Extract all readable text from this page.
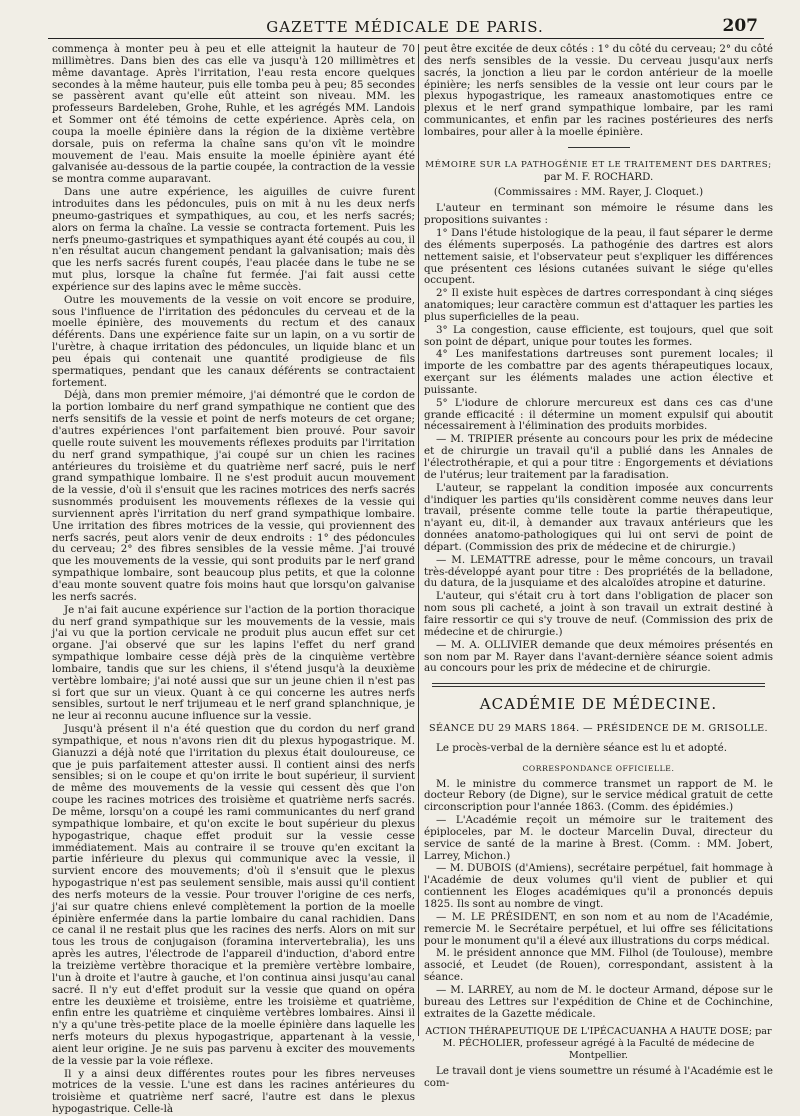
GAZETTE MÉDICALE DE PARIS.	207

commença à monter peu à peu et elle atteignit la hauteur de 70 millimètres. Dans bien des cas elle va jusqu'à 120 millimètres et même davantage. Après l'irritation, l'eau resta encore quelques secondes à la même hauteur, puis elle tomba peu à peu; 85 secondes se passèrent avant qu'elle eût atteint son niveau. MM. les professeurs Bardeleben, Grohe, Ruhle, et les agrégés MM. Landois et Sommer ont été témoins de cette expérience. Après cela, on coupa la moelle épinière dans la région de la dixième vertèbre dorsale, puis on referma la chaîne sans qu'on vît le moindre mouvement de l'eau. Mais ensuite la moelle épinière ayant été galvanisée au-dessous de la partie coupée, la contraction de la vessie se montra comme auparavant.

Dans une autre expérience, les aiguilles de cuivre furent introduites dans les pédoncules, puis on mit à nu les deux nerfs pneumo-gastriques et sympathiques, au cou, et les nerfs sacrés; alors on ferma la chaîne. La vessie se contracta fortement. Puis les nerfs pneumo-gastriques et sympathiques ayant été coupés au cou, il n'en résultat aucun changement pendant la galvanisation; mais dès que les nerfs sacrés furent coupés, l'eau placée dans le tube ne se mut plus, lorsque la chaîne fut fermée. J'ai fait aussi cette expérience sur des lapins avec le même succès.

Outre les mouvements de la vessie on voit encore se produire, sous l'influence de l'irritation des pédoncules du cerveau et de la moelle épinière, des mouvements du rectum et des canaux déférents. Dans une expérience faite sur un lapin, on a vu sortir de l'urètre, à chaque irritation des pédoncules, un liquide blanc et un peu épais qui contenait une quantité prodigieuse de fils spermatiques, pendant que les canaux déférents se contractaient fortement.

Déjà, dans mon premier mémoire, j'ai démontré que le cordon de la portion lombaire du nerf grand sympathique ne contient que des nerfs sensitifs de la vessie et point de nerfs moteurs de cet organe; d'autres expériences l'ont parfaitement bien prouvé. Pour savoir quelle route suivent les mouvements réflexes produits par l'irritation du nerf grand sympathique, j'ai coupé sur un chien les racines antérieures du troisième et du quatrième nerf sacré, puis le nerf grand sympathique lombaire. Il ne s'est produit aucun mouvement de la vessie, d'où il s'ensuit que les racines motrices des nerfs sacrés susnommés produisent les mouvements réflexes de la vessie qui surviennent après l'irritation du nerf grand sympathique lombaire. Une irritation des fibres motrices de la vessie, qui proviennent des nerfs sacrés, peut alors venir de deux endroits : 1° des pédoncules du cerveau; 2° des fibres sensibles de la vessie même. J'ai trouvé que les mouvements de la vessie, qui sont produits par le nerf grand sympathique lombaire, sont beaucoup plus petits, et que la colonne d'eau monte souvent quatre fois moins haut que lorsqu'on galvanise les nerfs sacrés.

Je n'ai fait aucune expérience sur l'action de la portion thoracique du nerf grand sympathique sur les mouvements de la vessie, mais j'ai vu que la portion cervicale ne produit plus aucun effet sur cet organe. J'ai observé que sur les lapins l'effet du nerf grand sympathique lombaire cesse déjà près de la cinquième vertèbre lombaire, tandis que sur les chiens, il s'étend jusqu'à la deuxième vertèbre lombaire; j'ai noté aussi que sur un jeune chien il n'est pas si fort que sur un vieux. Quant à ce qui concerne les autres nerfs sensibles, surtout le nerf trijumeau et le nerf grand splanchnique, je ne leur ai reconnu aucune influence sur la vessie.

Jusqu'à présent il n'a été question que du cordon du nerf grand sympathique, et nous n'avons rien dit du plexus hypogastrique. M. Gianuzzi a déjà noté que l'irritation du plexus était douloureuse, ce que je puis parfaitement attester aussi. Il contient ainsi des nerfs sensibles; si on le coupe et qu'on irrite le bout supérieur, il survient de même des mouvements de la vessie qui cessent dès que l'on coupe les racines motrices des troisième et quatrième nerfs sacrés. De même, lorsqu'on a coupé les rami communicantes du nerf grand sympathique lombaire, et qu'on excite le bout supérieur du plexus hypogastrique, chaque effet produit sur la vessie cesse immédiatement. Mais au contraire il se trouve qu'en excitant la partie inférieure du plexus qui communique avec la vessie, il survient encore des mouvements; d'où il s'ensuit que le plexus hypogastrique n'est pas seulement sensible, mais aussi qu'il contient des nerfs moteurs de la vessie. Pour trouver l'origine de ces nerfs, j'ai sur quatre chiens enlevé complètement la portion de la moelle épinière enfermée dans la partie lombaire du canal rachidien. Dans ce canal il ne restait plus que les racines des nerfs. Alors on mit sur tous les trous de conjugaison (foramina intervertebralia), les uns après les autres, l'électrode de l'appareil d'induction, d'abord entre la treizième vertèbre thoracique et la première vertèbre lombaire, l'un à droite et l'autre à gauche, et l'on continua ainsi jusqu'au canal sacré. Il n'y eut d'effet produit sur la vessie que quand on opéra entre les deuxième et troisième, entre les troisième et quatrième, enfin entre les quatrième et cinquième vertèbres lombaires. Ainsi il n'y a qu'une très-petite place de la moelle épinière dans laquelle les nerfs moteurs du plexus hypogastrique, appartenant à la vessie, aient leur origine. Je ne suis pas parvenu à exciter des mouvements de la vessie par la voie réflexe.

Il y a ainsi deux différentes routes pour les fibres nerveuses motrices de la vessie. L'une est dans les racines antérieures du troisième et quatrième nerf sacré, l'autre est dans le plexus hypogastrique. Celle-là

peut être excitée de deux côtés : 1° du côté du cerveau; 2° du côté des nerfs sensibles de la vessie. Du cerveau jusqu'aux nerfs sacrés, la jonction a lieu par le cordon antérieur de la moelle épinière; les nerfs sensibles de la vessie ont leur cours par le plexus hypogastrique, les rameaux anastomotiques entre ce plexus et le nerf grand sympathique lombaire, par les rami communicantes, et enfin par les racines postérieures des nerfs lombaires, pour aller à la moelle épinière.

MÉMOIRE SUR LA PATHOGÉNIE ET LE TRAITEMENT DES DARTRES;
par M. F. ROCHARD.
(Commissaires : MM. Rayer, J. Cloquet.)

L'auteur en terminant son mémoire le résume dans les propositions suivantes :

1° Dans l'étude histologique de la peau, il faut séparer le derme des éléments superposés. La pathogénie des dartres est alors nettement saisie, et l'observateur peut s'expliquer les différences que présentent ces lésions cutanées suivant le siége qu'elles occupent.

2° Il existe huit espèces de dartres correspondant à cinq siéges anatomiques; leur caractère commun est d'attaquer les parties les plus superficielles de la peau.

3° La congestion, cause efficiente, est toujours, quel que soit son point de départ, unique pour toutes les formes.

4° Les manifestations dartreuses sont purement locales; il importe de les combattre par des agents thérapeutiques locaux, exerçant sur les éléments malades une action élective et puissante.

5° L'iodure de chlorure mercureux est dans ces cas d'une grande efficacité : il détermine un moment expulsif qui aboutit nécessairement à l'élimination des produits morbides.

— M. TRIPIER présente au concours pour les prix de médecine et de chirurgie un travail qu'il a publié dans les Annales de l'électrothérapie, et qui a pour titre : Engorgements et déviations de l'utérus; leur traitement par la faradisation.

L'auteur, se rappelant la condition imposée aux concurrents d'indiquer les parties qu'ils considèrent comme neuves dans leur travail, présente comme telle toute la partie thérapeutique, n'ayant eu, dit-il, à demander aux travaux antérieurs que les données anatomo-pathologiques qui lui ont servi de point de départ. (Commission des prix de médecine et de chirurgie.)

— M. LEMATTRE adresse, pour le même concours, un travail très-développé ayant pour titre : Des propriétés de la belladone, du datura, de la jusquiame et des alcaloïdes atropine et daturine.

L'auteur, qui s'était cru à tort dans l'obligation de placer son nom sous pli cacheté, a joint à son travail un extrait destiné à faire ressortir ce qui s'y trouve de neuf. (Commission des prix de médecine et de chirurgie.)

— M. A. OLLIVIER demande que deux mémoires présentés en son nom par M. Rayer dans l'avant-dernière séance soient admis au concours pour les prix de médecine et de chirurgie.

ACADÉMIE DE MÉDECINE.
SÉANCE DU 29 MARS 1864. — PRÉSIDENCE DE M. GRISOLLE.

Le procès-verbal de la dernière séance est lu et adopté.

CORRESPONDANCE OFFICIELLE.

M. le ministre du commerce transmet un rapport de M. le docteur Rebory (de Digne), sur le service médical gratuit de cette circonscription pour l'année 1863. (Comm. des épidémies.)

— L'Académie reçoit un mémoire sur le traitement des épiploceles, par M. le docteur Marcelin Duval, directeur du service de santé de la marine à Brest. (Comm. : MM. Jobert, Larrey, Michon.)

— M. DUBOIS (d'Amiens), secrétaire perpétuel, fait hommage à l'Académie de deux volumes qu'il vient de publier et qui contiennent les Eloges académiques qu'il a prononcés depuis 1825. Ils sont au nombre de vingt.

— M. LE PRÉSIDENT, en son nom et au nom de l'Académie, remercie M. le Secrétaire perpétuel, et lui offre ses félicitations pour le monument qu'il a élevé aux illustrations du corps médical.

M. le président annonce que MM. Filhol (de Toulouse), membre associé, et Leudet (de Rouen), correspondant, assistent à la séance.

— M. LARREY, au nom de M. le docteur Armand, dépose sur le bureau des Lettres sur l'expédition de Chine et de Cochinchine, extraites de la Gazette médicale.

ACTION THÉRAPEUTIQUE DE L'IPÉCACUANHA A HAUTE DOSE; par M. PÉCHOLIER, professeur agrégé à la Faculté de médecine de Montpellier.

Le travail dont je viens soumettre un résumé à l'Académie est le com-
